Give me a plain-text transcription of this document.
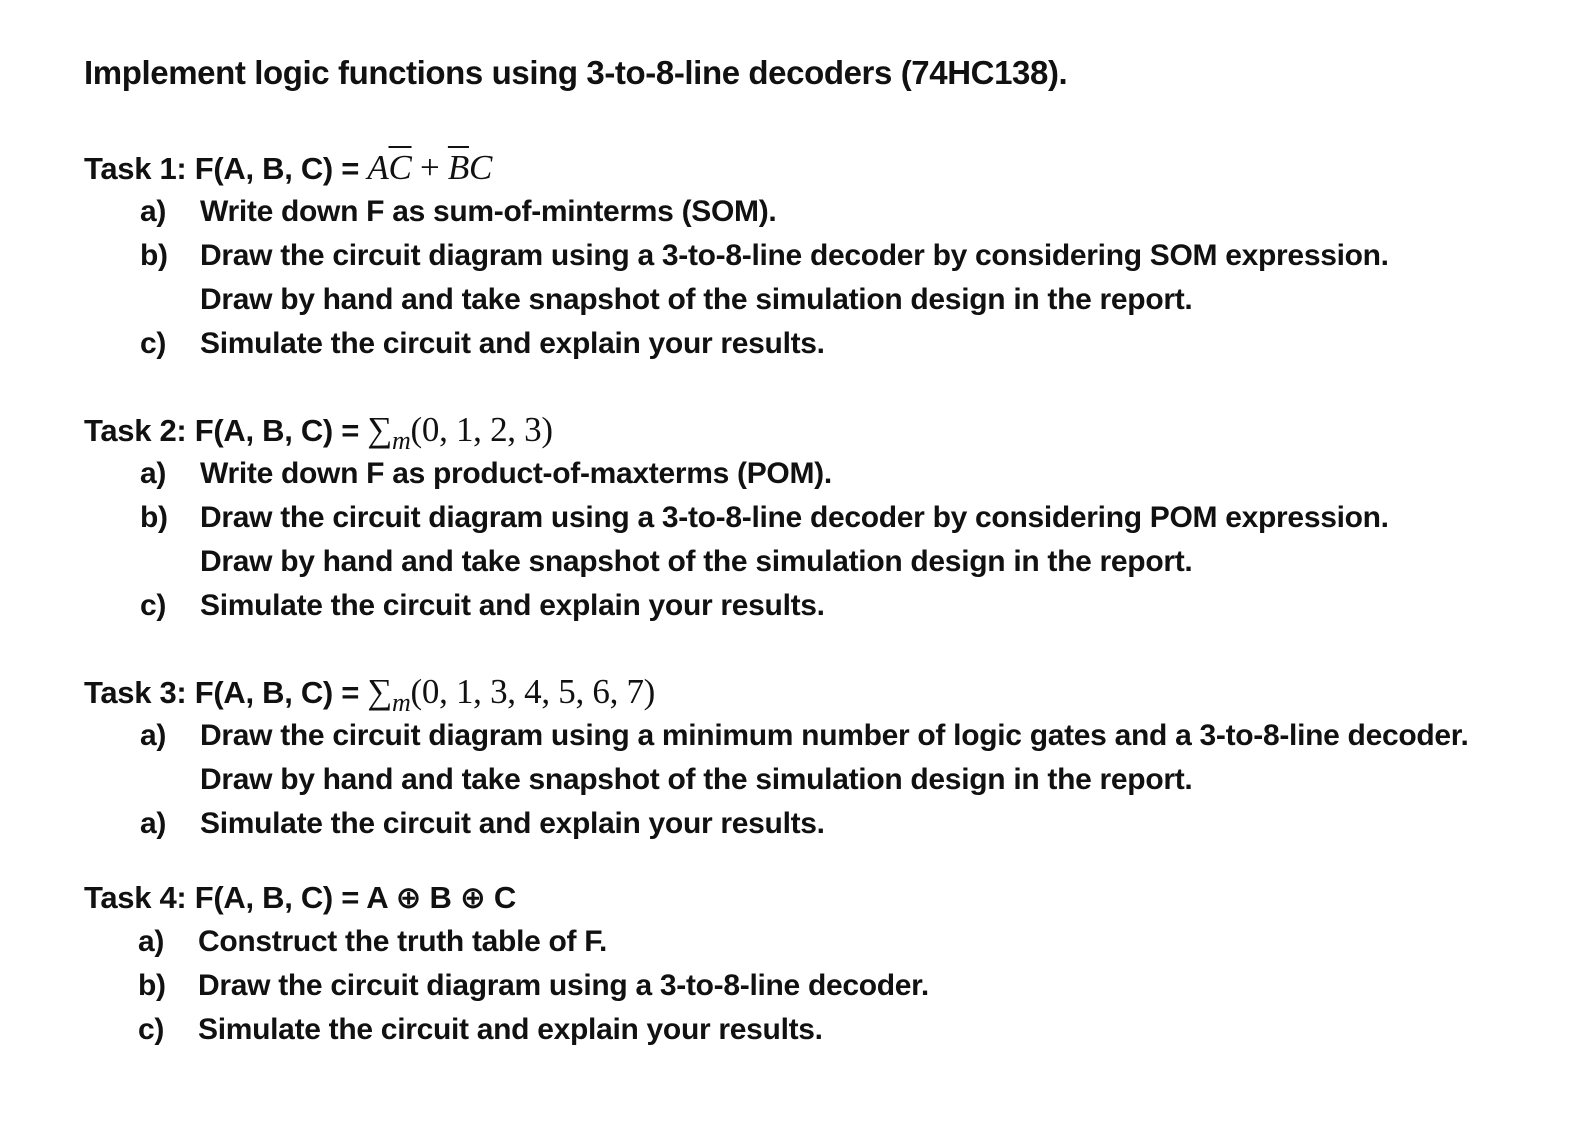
Implement logic functions using 3-to-8-line decoders (74HC138).
Task 1: F(A, B, $C) = A\overline{C} + \overline{B}C$
a) Write down F as sum-of-minterms (SOM).
b) Draw the circuit diagram using a 3-to-8-line decoder by considering SOM expression.
Draw by hand and take snapshot of the simulation design in the report.
c) Simulate the circuit and explain your results.
Task 2: F(A, B, $C) = \sum_m(0$, 1, 2, 3)
a) Write down F as product-of-maxterms (POM).
b) Draw the circuit diagram using a 3-to-8-line decoder by considering POM expression.
Draw by hand and take snapshot of the simulation design in the report.
c) Simulate the circuit and explain your results.
Task 3: F(A, B, $C) = \sum_m(0$, 1, 3, 4, 5, 6, 7)
a) Draw the circuit diagram using a minimum number of logic gates and a 3-to-8-line decoder.
Draw by hand and take snapshot of the simulation design in the report.
a) Simulate the circuit and explain your results.
Task 4: F(A, B, C) = A ⊕ B ⊕ C
a) Construct the truth table of F.
b) Draw the circuit diagram using a 3-to-8-line decoder.
c) Simulate the circuit and explain your results.
